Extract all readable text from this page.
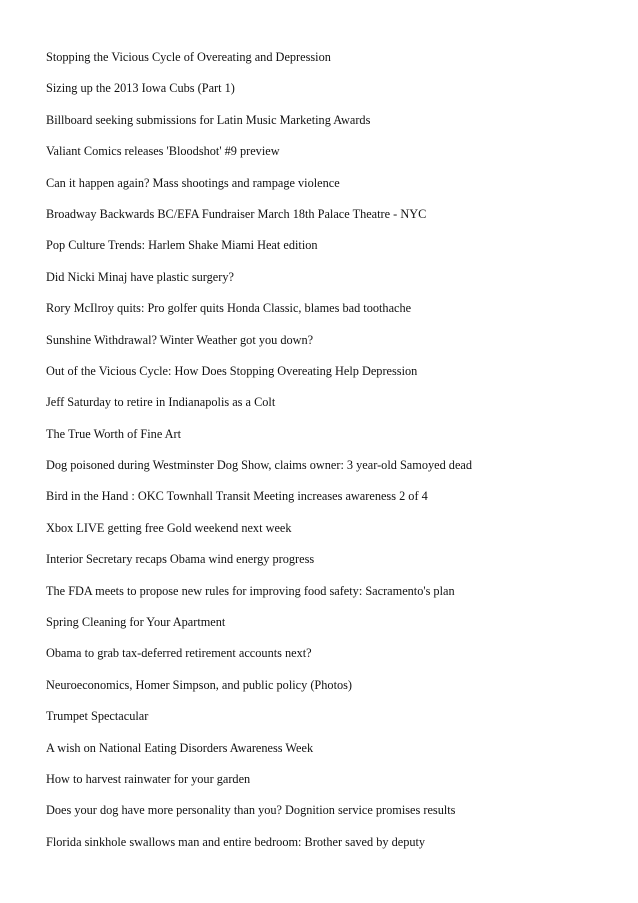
Stopping the Vicious Cycle of Overeating and Depression
Sizing up the 2013 Iowa Cubs (Part 1)
Billboard seeking submissions for Latin Music Marketing Awards
Valiant Comics releases 'Bloodshot' #9 preview
Can it happen again? Mass shootings and rampage violence
Broadway Backwards BC/EFA Fundraiser March 18th Palace Theatre - NYC
Pop Culture Trends: Harlem Shake Miami Heat edition
Did Nicki Minaj have plastic surgery?
Rory McIlroy quits: Pro golfer quits Honda Classic, blames bad toothache
Sunshine Withdrawal? Winter Weather got you down?
Out of the Vicious Cycle: How Does Stopping Overeating Help Depression
Jeff Saturday to retire in Indianapolis as a Colt
The True Worth of Fine Art
Dog poisoned during Westminster Dog Show, claims owner: 3 year-old Samoyed dead
Bird in the Hand : OKC Townhall Transit Meeting increases awareness 2 of 4
Xbox LIVE getting free Gold weekend next week
Interior Secretary recaps Obama wind energy progress
The FDA meets to propose new rules for improving food safety: Sacramento's plan
Spring Cleaning for Your Apartment
Obama to grab tax-deferred retirement accounts next?
Neuroeconomics, Homer Simpson, and public policy (Photos)
Trumpet Spectacular
A wish on National Eating Disorders Awareness Week
How to harvest rainwater for your garden
Does your dog have more personality than you? Dognition service promises results
Florida sinkhole swallows man and entire bedroom: Brother saved by deputy
